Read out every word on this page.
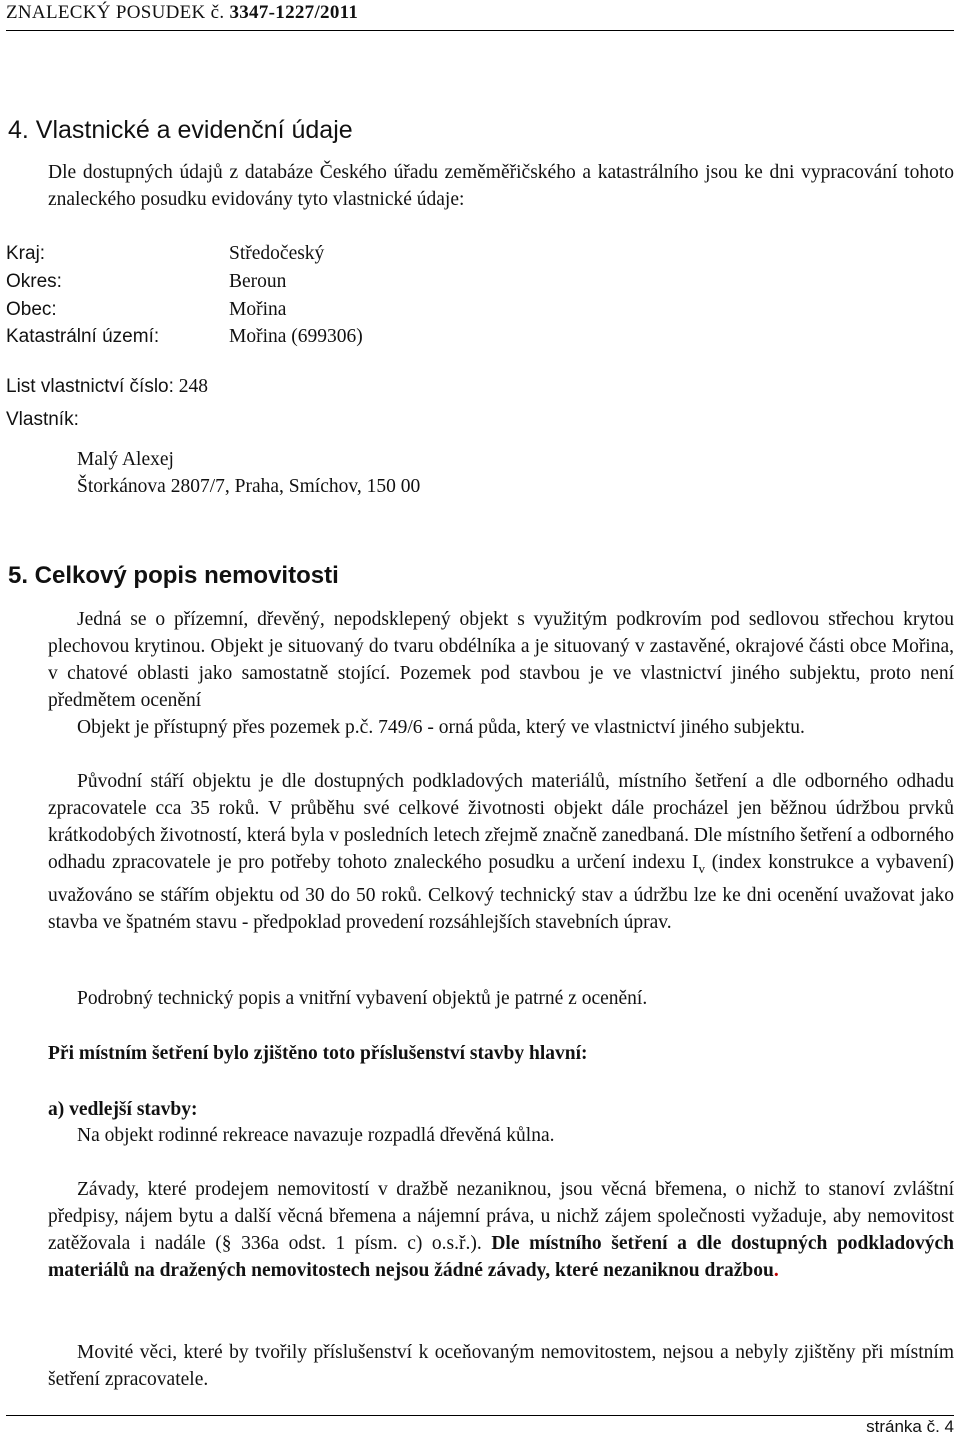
ZNALECKÝ POSUDEK č. 3347-1227/2011
4. Vlastnické a evidenční údaje

Dle dostupných údajů z databáze Českého úřadu zeměměřičského a katastrálního jsou ke dni vypracování tohoto znaleckého posudku evidovány tyto vlastnické údaje:

Kraj:	Středočeský
Okres:	Beroun
Obec:	Mořina
Katastrální území:	Mořina (699306)
List vlastnictví číslo: 248
Vlastník:
Malý Alexej
Štorkánova 2807/7, Praha, Smíchov, 150 00
5. Celkový popis nemovitosti

Jedná se o přízemní, dřevěný, nepodsklepený objekt s využitým podkrovím pod sedlovou střechou krytou plechovou krytinou. Objekt je situovaný do tvaru obdélníka a je situovaný v zastavěné, okrajové části obce Mořina, v chatové oblasti jako samostatně stojící. Pozemek pod stavbou je ve vlastnictví jiného subjektu, proto není předmětem ocenění

Objekt je přístupný přes pozemek p.č. 749/6 - orná půda, který ve vlastnictví jiného subjektu.

Původní stáří objektu je dle dostupných podkladových materiálů, místního šetření a dle odborného odhadu zpracovatele cca 35 roků. V průběhu své celkové životnosti objekt dále procházel jen běžnou údržbou prvků krátkodobých životností, která byla v posledních letech zřejmě značně zanedbaná. Dle místního šetření a odborného odhadu zpracovatele je pro potřeby tohoto znaleckého posudku a určení indexu $I_v$ (index konstrukce a vybavení) uvažováno se stářím objektu od 30 do 50 roků. Celkový technický stav a údržbu lze ke dni ocenění uvažovat jako stavba ve špatném stavu - předpoklad provedení rozsáhlejších stavebních úprav.

Podrobný technický popis a vnitřní vybavení objektů je patrné z ocenění.

Při místním šetření bylo zjištěno toto příslušenství stavby hlavní:

a) vedlejší stavby:

Na objekt rodinné rekreace navazuje rozpadlá dřevěná kůlna.

Závady, které prodejem nemovitostí v dražbě nezaniknou, jsou věcná břemena, o nichž to stanoví zvláštní předpisy, nájem bytu a další věcná břemena a nájemní práva, u nichž zájem společnosti vyžaduje, aby nemovitost zatěžovala i nadále (§ 336a odst. 1 písm. c) o.s.ř.). Dle místního šetření a dle dostupných podkladových materiálů na dražených nemovitostech nejsou žádné závady, které nezaniknou dražbou.

Movité věci, které by tvořily příslušenství k oceňovaným nemovitostem, nejsou a nebyly zjištěny při místním šetření zpracovatele.

stránka č. 4
